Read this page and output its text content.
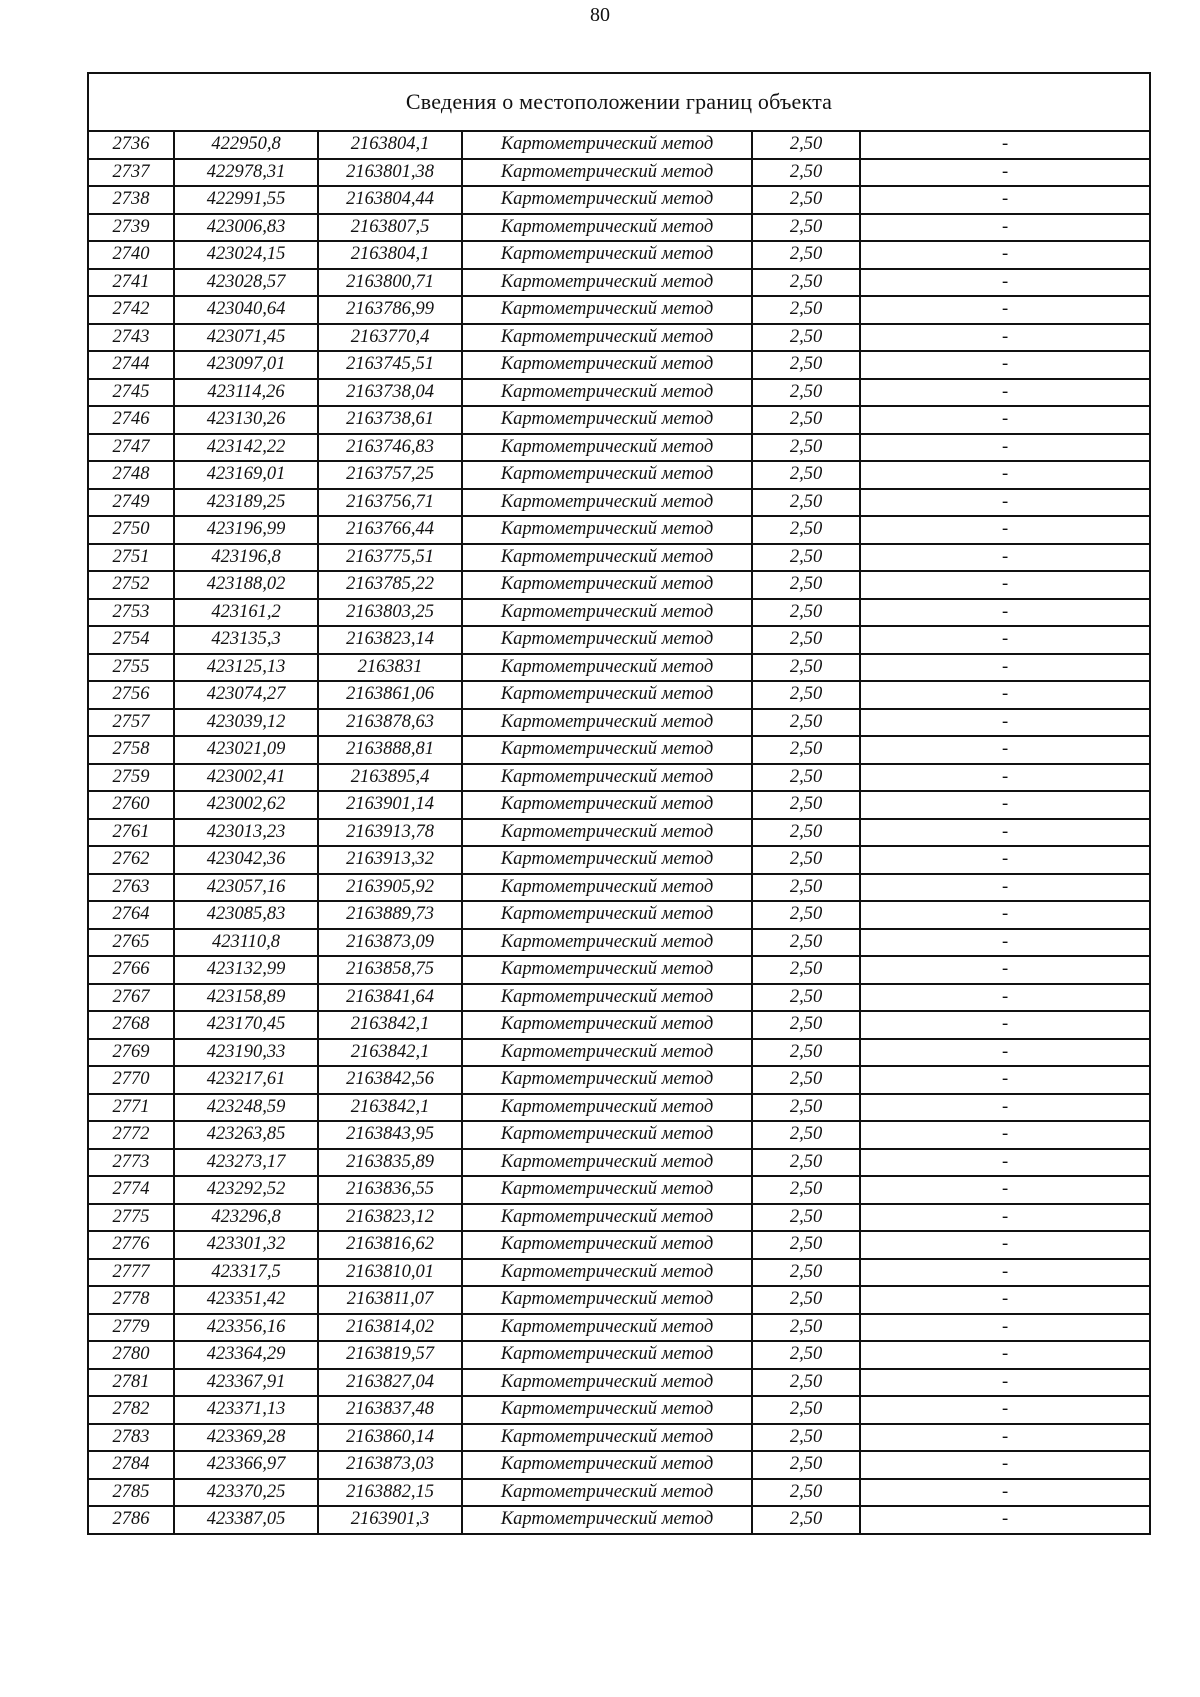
80
Сведения о местоположении границ объекта					
2736	422950,8	2163804,1	Картометрический метод	2,50	-
2737	422978,31	2163801,38	Картометрический метод	2,50	-
2738	422991,55	2163804,44	Картометрический метод	2,50	-
2739	423006,83	2163807,5	Картометрический метод	2,50	-
2740	423024,15	2163804,1	Картометрический метод	2,50	-
2741	423028,57	2163800,71	Картометрический метод	2,50	-
2742	423040,64	2163786,99	Картометрический метод	2,50	-
2743	423071,45	2163770,4	Картометрический метод	2,50	-
2744	423097,01	2163745,51	Картометрический метод	2,50	-
2745	423114,26	2163738,04	Картометрический метод	2,50	-
2746	423130,26	2163738,61	Картометрический метод	2,50	-
2747	423142,22	2163746,83	Картометрический метод	2,50	-
2748	423169,01	2163757,25	Картометрический метод	2,50	-
2749	423189,25	2163756,71	Картометрический метод	2,50	-
2750	423196,99	2163766,44	Картометрический метод	2,50	-
2751	423196,8	2163775,51	Картометрический метод	2,50	-
2752	423188,02	2163785,22	Картометрический метод	2,50	-
2753	423161,2	2163803,25	Картометрический метод	2,50	-
2754	423135,3	2163823,14	Картометрический метод	2,50	-
2755	423125,13	2163831	Картометрический метод	2,50	-
2756	423074,27	2163861,06	Картометрический метод	2,50	-
2757	423039,12	2163878,63	Картометрический метод	2,50	-
2758	423021,09	2163888,81	Картометрический метод	2,50	-
2759	423002,41	2163895,4	Картометрический метод	2,50	-
2760	423002,62	2163901,14	Картометрический метод	2,50	-
2761	423013,23	2163913,78	Картометрический метод	2,50	-
2762	423042,36	2163913,32	Картометрический метод	2,50	-
2763	423057,16	2163905,92	Картометрический метод	2,50	-
2764	423085,83	2163889,73	Картометрический метод	2,50	-
2765	423110,8	2163873,09	Картометрический метод	2,50	-
2766	423132,99	2163858,75	Картометрический метод	2,50	-
2767	423158,89	2163841,64	Картометрический метод	2,50	-
2768	423170,45	2163842,1	Картометрический метод	2,50	-
2769	423190,33	2163842,1	Картометрический метод	2,50	-
2770	423217,61	2163842,56	Картометрический метод	2,50	-
2771	423248,59	2163842,1	Картометрический метод	2,50	-
2772	423263,85	2163843,95	Картометрический метод	2,50	-
2773	423273,17	2163835,89	Картометрический метод	2,50	-
2774	423292,52	2163836,55	Картометрический метод	2,50	-
2775	423296,8	2163823,12	Картометрический метод	2,50	-
2776	423301,32	2163816,62	Картометрический метод	2,50	-
2777	423317,5	2163810,01	Картометрический метод	2,50	-
2778	423351,42	2163811,07	Картометрический метод	2,50	-
2779	423356,16	2163814,02	Картометрический метод	2,50	-
2780	423364,29	2163819,57	Картометрический метод	2,50	-
2781	423367,91	2163827,04	Картометрический метод	2,50	-
2782	423371,13	2163837,48	Картометрический метод	2,50	-
2783	423369,28	2163860,14	Картометрический метод	2,50	-
2784	423366,97	2163873,03	Картометрический метод	2,50	-
2785	423370,25	2163882,15	Картометрический метод	2,50	-
2786	423387,05	2163901,3	Картометрический метод	2,50	-
